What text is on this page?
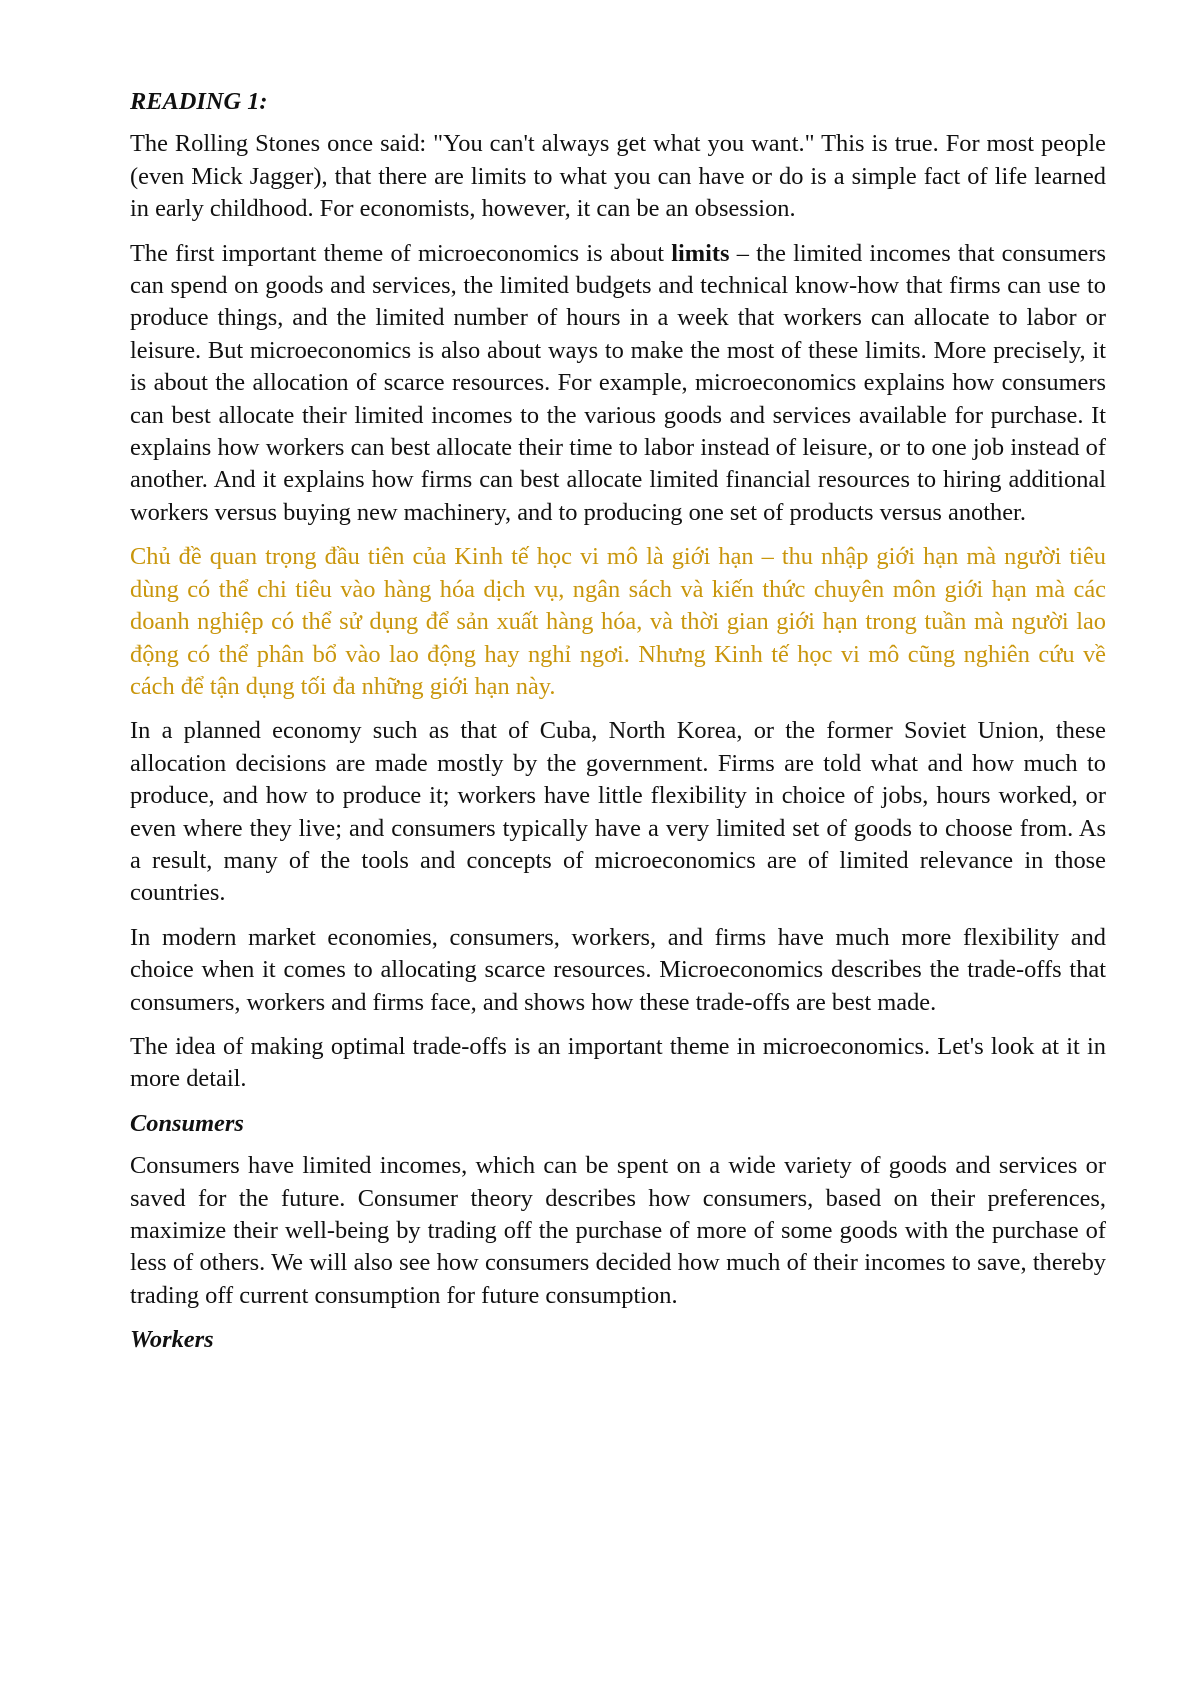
READING 1:

The Rolling Stones once said: "You can't always get what you want." This is true. For most people (even Mick Jagger), that there are limits to what you can have or do is a simple fact of life learned in early childhood. For economists, however, it can be an obsession.

The first important theme of microeconomics is about limits – the limited incomes that consumers can spend on goods and services, the limited budgets and technical know-how that firms can use to produce things, and the limited number of hours in a week that workers can allocate to labor or leisure. But microeconomics is also about ways to make the most of these limits. More precisely, it is about the allocation of scarce resources. For example, microeconomics explains how consumers can best allocate their limited incomes to the various goods and services available for purchase. It explains how workers can best allocate their time to labor instead of leisure, or to one job instead of another. And it explains how firms can best allocate limited financial resources to hiring additional workers versus buying new machinery, and to producing one set of products versus another.

Chủ đề quan trọng đầu tiên của Kinh tế học vi mô là giới hạn – thu nhập giới hạn mà người tiêu dùng có thể chi tiêu vào hàng hóa dịch vụ, ngân sách và kiến thức chuyên môn giới hạn mà các doanh nghiệp có thể sử dụng để sản xuất hàng hóa, và thời gian giới hạn trong tuần mà người lao động có thể phân bổ vào lao động hay nghỉ ngơi. Nhưng Kinh tế học vi mô cũng nghiên cứu về cách để tận dụng tối đa những giới hạn này.

In a planned economy such as that of Cuba, North Korea, or the former Soviet Union, these allocation decisions are made mostly by the government. Firms are told what and how much to produce, and how to produce it; workers have little flexibility in choice of jobs, hours worked, or even where they live; and consumers typically have a very limited set of goods to choose from. As a result, many of the tools and concepts of microeconomics are of limited relevance in those countries.

In modern market economies, consumers, workers, and firms have much more flexibility and choice when it comes to allocating scarce resources. Microeconomics describes the trade-offs that consumers, workers and firms face, and shows how these trade-offs are best made.

The idea of making optimal trade-offs is an important theme in microeconomics. Let's look at it in more detail.

Consumers

Consumers have limited incomes, which can be spent on a wide variety of goods and services or saved for the future. Consumer theory describes how consumers, based on their preferences, maximize their well-being by trading off the purchase of more of some goods with the purchase of less of others. We will also see how consumers decided how much of their incomes to save, thereby trading off current consumption for future consumption.

Workers
